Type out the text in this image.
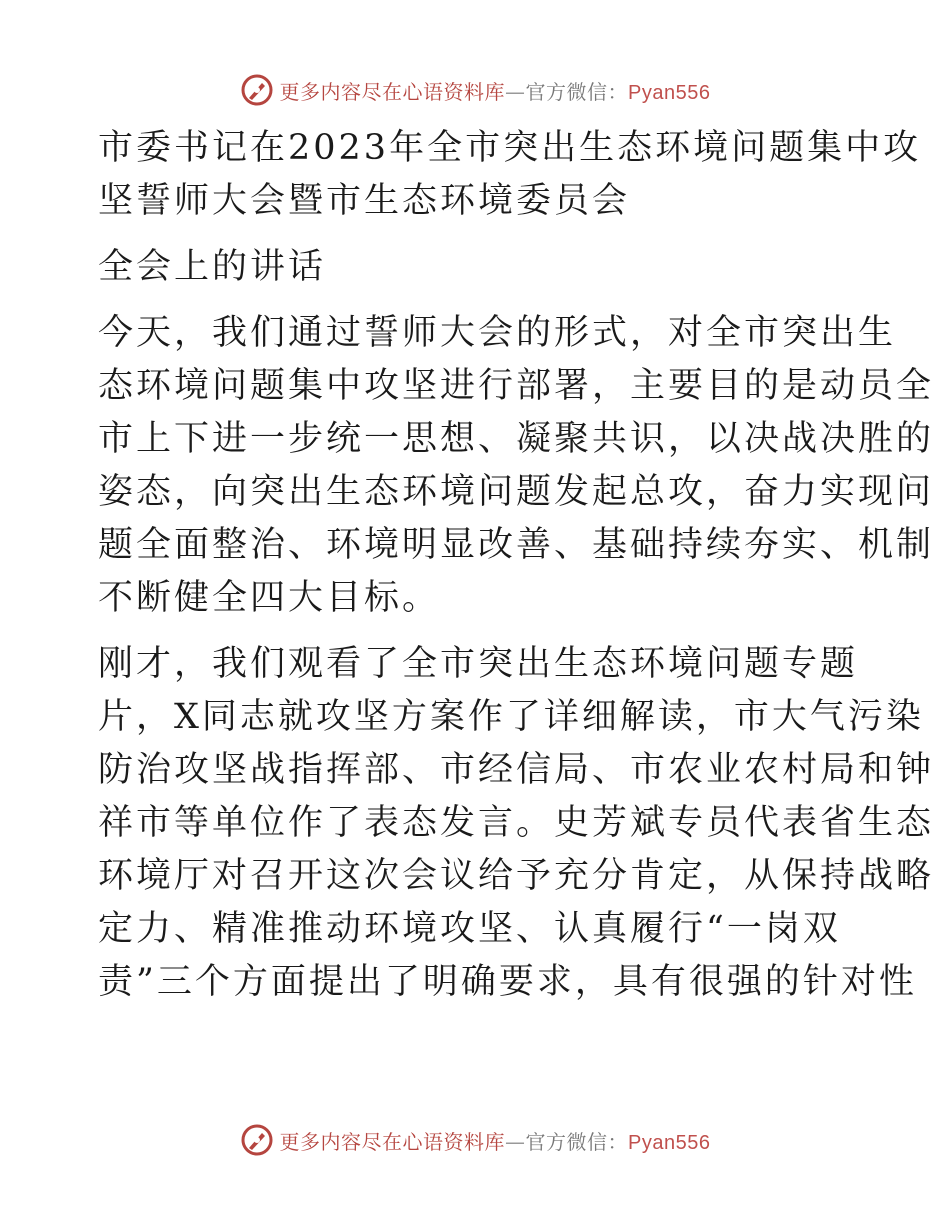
更多内容尽在心语资料库—官方微信：Pyan556
市委书记在2023年全市突出生态环境问题集中攻
坚誓师大会暨市生态环境委员会
全会上的讲话
今天，我们通过誓师大会的形式，对全市突出生
态环境问题集中攻坚进行部署，主要目的是动员全
市上下进一步统一思想、凝聚共识，以决战决胜的
姿态，向突出生态环境问题发起总攻，奋力实现问
题全面整治、环境明显改善、基础持续夯实、机制
不断健全四大目标。
刚才，我们观看了全市突出生态环境问题专题
片，X同志就攻坚方案作了详细解读，市大气污染
防治攻坚战指挥部、市经信局、市农业农村局和钟
祥市等单位作了表态发言。史芳斌专员代表省生态
环境厅对召开这次会议给予充分肯定，从保持战略
定力、精准推动环境攻坚、认真履行“一岗双
责”三个方面提出了明确要求，具有很强的针对性
更多内容尽在心语资料库—官方微信：Pyan556
